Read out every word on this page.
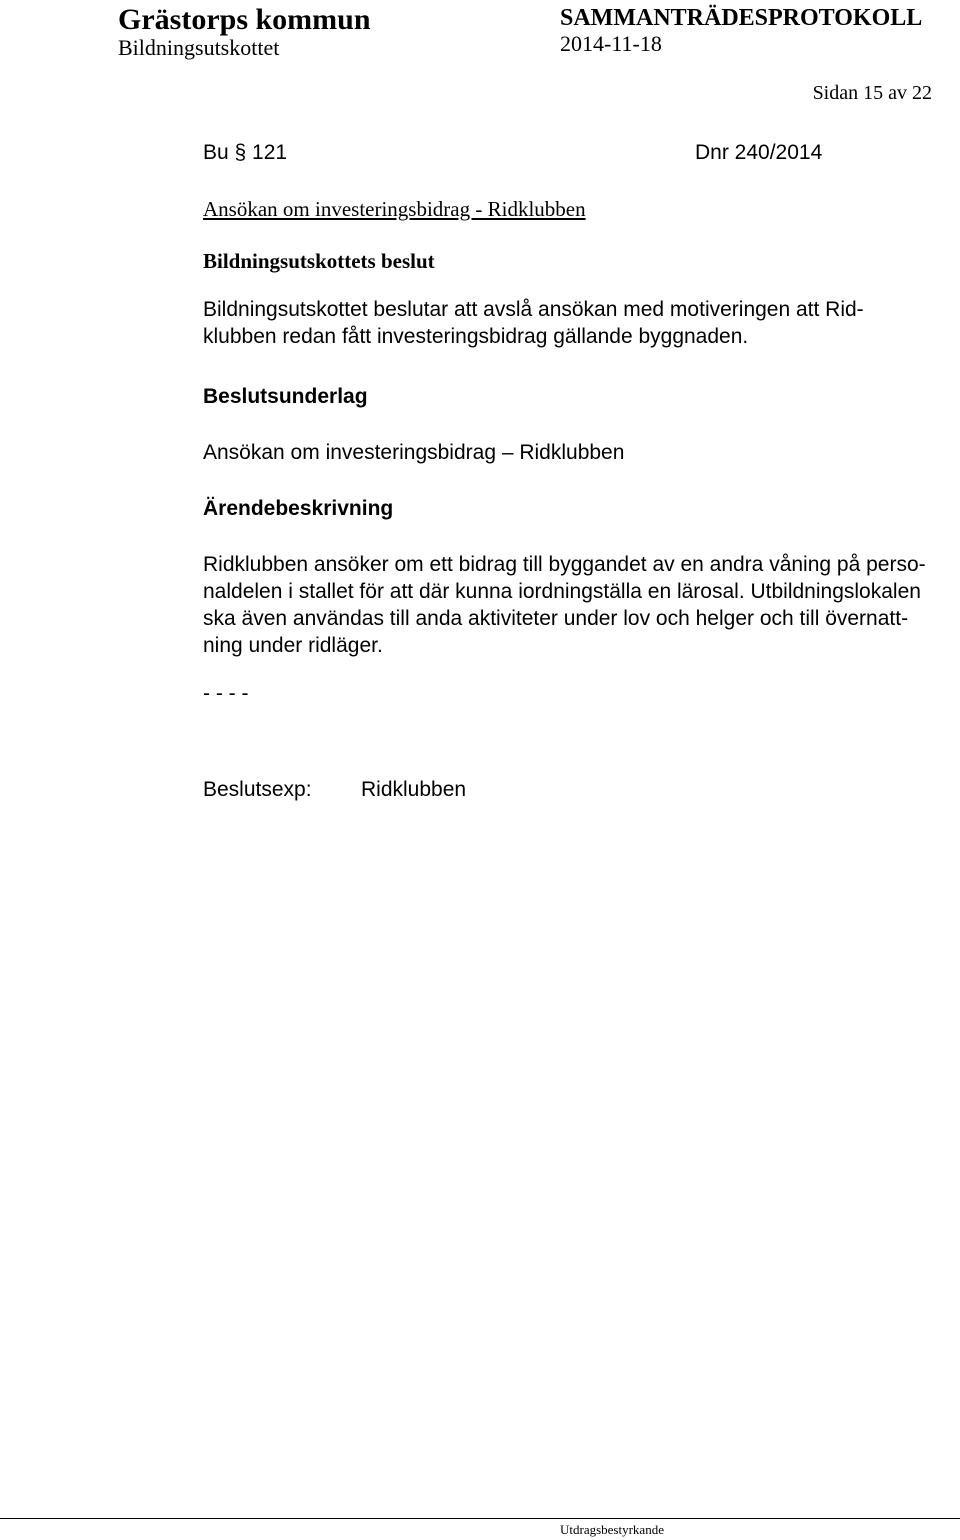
Grästorps kommun
Bildningsutskottet
SAMMANTRÄDESPROTOKOLL
2014-11-18
Sidan 15 av 22
Bu § 121	Dnr 240/2014
Ansökan om investeringsbidrag - Ridklubben
Bildningsutskottets beslut
Bildningsutskottet beslutar att avslå ansökan med motiveringen att Rid-klubben redan fått investeringsbidrag gällande byggnaden.
Beslutsunderlag
Ansökan om investeringsbidrag – Ridklubben
Ärendebeskrivning
Ridklubben ansöker om ett bidrag till byggandet av en andra våning på perso-naldelen i stallet för att där kunna iordningställa en lärosal. Utbildningslokalen ska även användas till anda aktiviteter under lov och helger och till övernatt-ning under ridläger.
- - - -
Beslutsexp: Ridklubben
Utdragsbestyrkande
